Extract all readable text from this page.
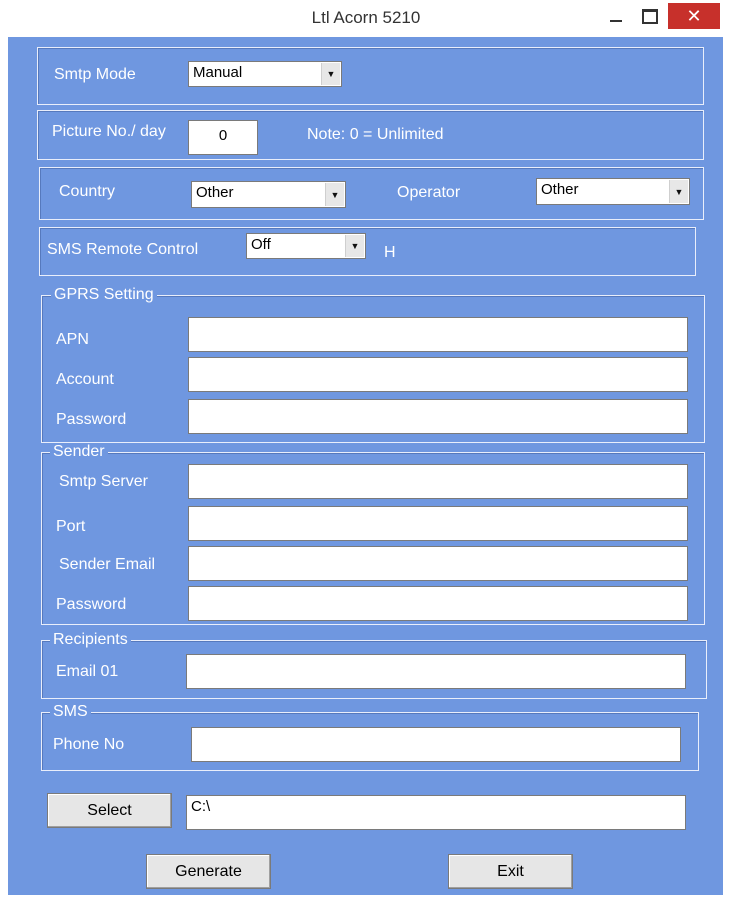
Ltl Acorn 5210	✕
Smtp Mode	Manual	▼
Picture No./ day	0	Note: 0 = Unlimited
Country	Other	▼	Operator	Other	▼
SMS Remote Control	Off	▼ H
GPRS Setting
APN
Account
Password
Sender
Smtp Server
Port
Sender Email
Password
Recipients
Email 01
SMS
Phone No
Select	C:\
Generate	Exit
